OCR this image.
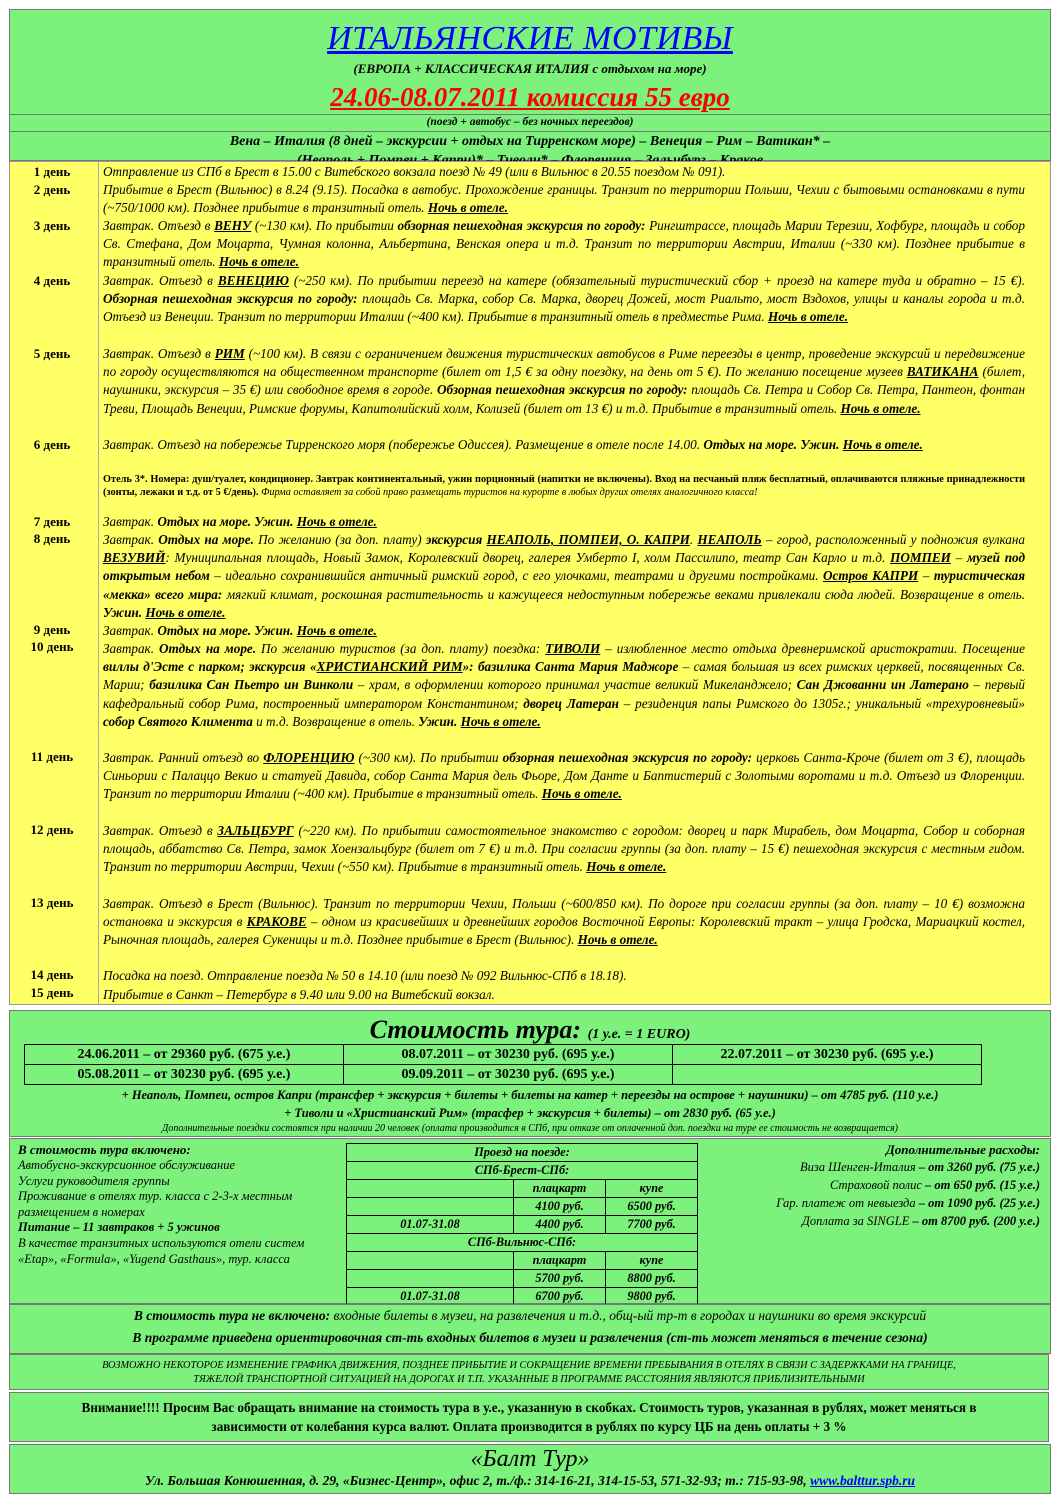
ИТАЛЬЯНСКИЕ МОТИВЫ
(ЕВРОПА + КЛАССИЧЕСКАЯ ИТАЛИЯ с отдыхом на море)
24.06-08.07.2011 комиссия 55 евро
(поезд + автобус – без ночных переездов)
Вена – Италия (8 дней – экскурсии + отдых на Тирренском море) – Венеция – Рим – Ватикан* –
1 день	Отправление из СПб в Брест в 15.00 с Витебского вокзала поезд № 49 (или в Вильнюс в 20.55 поездом № 091).
2 день	Прибытие в Брест (Вильнюс) в 8.24 (9.15). Посадка в автобус. Прохождение границы. Транзит по территории Польши, Чехии с бытовыми остановками в пути (~750/1000 км). Позднее прибытие в транзитный отель. Ночь в отеле.
3 день	Завтрак. Отъезд в ВЕНУ (~130 км). По прибытии обзорная пешеходная экскурсия по городу: Рингштрассе, площадь Марии Терезии, Хофбург, площадь и собор Св. Стефана, Дом Моцарта, Чумная колонна, Альбертина, Венская опера и т.д. Транзит по территории Австрии, Италии (~330 км). Позднее прибытие в транзитный отель. Ночь в отеле.
4 день	Завтрак. Отъезд в ВЕНЕЦИЮ (~250 км). По прибытии переезд на катере (обязательный туристический сбор + проезд на катере туда и обратно – 15 €). Обзорная пешеходная экскурсия по городу: площадь Св. Марка, собор Св. Марка, дворец Дожей, мост Риальто, мост Вздохов, улицы и каналы города и т.д. Отъезд из Венеции. Транзит по территории Италии (~400 км). Прибытие в транзитный отель в предместье Рима. Ночь в отеле.
5 день	Завтрак. Отъезд в РИМ (~100 км). В связи с ограничением движения туристических автобусов в Риме переезды в центр, проведение экскурсий и передвижение по городу осуществляются на общественном транспорте (билет от 1,5 € за одну поездку, на день от 5 €). По желанию посещение музеев ВАТИКАНА (билет, наушники, экскурсия – 35 €) или свободное время в городе. Обзорная пешеходная экскурсия по городу: площадь Св. Петра и Собор Св. Петра, Пантеон, фонтан Треви, Площадь Венеции, Римские форумы, Капитолийский холм, Колизей (билет от 13 €) и т.д. Прибытие в транзитный отель. Ночь в отеле.
6 день	Завтрак. Отъезд на побережье Тирренского моря (побережье Одиссея). Размещение в отеле после 14.00. Отдых на море. Ужин. Ночь в отеле.
Отель 3*. Номера: душ/туалет, кондиционер. Завтрак континентальный, ужин порционный (напитки не включены). Вход на песчаный пляж бесплатный, оплачиваются пляжные принадлежности (зонты, лежаки и т.д. от 5 €/день). Фирма оставляет за собой право размещать туристов на курорте в любых других отелях аналогичного класса!
7 день	Завтрак. Отдых на море. Ужин. Ночь в отеле.
8 день	Завтрак. Отдых на море. По желанию (за доп. плату) экскурсия НЕАПОЛЬ, ПОМПЕИ, О. КАПРИ. НЕАПОЛЬ – город, расположенный у подножия вулкана ВЕЗУВИЙ: Муниципальная площадь, Новый Замок, Королевский дворец, галерея Умберто I, холм Пассилипо, театр Сан Карло и т.д. ПОМПЕИ – музей под открытым небом – идеально сохранившийся античный римский город, с его улочками, театрами и другими постройками. Остров КАПРИ – туристическая «мекка» всего мира: мягкий климат, роскошная растительность и кажущееся недоступным побережье веками привлекали сюда людей. Возвращение в отель. Ужин. Ночь в отеле.
9 день	Завтрак. Отдых на море. Ужин. Ночь в отеле.
10 день	Завтрак. Отдых на море. По желанию туристов (за доп. плату) поездка: ТИВОЛИ – излюбленное место отдыха древнеримской аристократии. Посещение виллы д'Эсте с парком; экскурсия «ХРИСТИАНСКИЙ РИМ»: базилика Санта Мария Маджоре – самая большая из всех римских церквей, посвященных Св. Марии; базилика Сан Пьетро ин Винколи – храм, в оформлении которого принимал участие великий Микеланджело; Сан Джованни ин Латерано – первый кафедральный собор Рима, построенный императором Константином; дворец Латеран – резиденция папы Римского до 1305г.; уникальный «трехуровневый» собор Святого Климента и т.д. Возвращение в отель. Ужин. Ночь в отеле.
11 день	Завтрак. Ранний отъезд во ФЛОРЕНЦИЮ (~300 км). По прибытии обзорная пешеходная экскурсия по городу: церковь Санта-Кроче (билет от 3 €), площадь Синьории с Палаццо Векио и статуей Давида, собор Санта Мария дель Фьоре, Дом Данте и Баптистерий с Золотыми воротами и т.д. Отъезд из Флоренции. Транзит по территории Италии (~400 км). Прибытие в транзитный отель. Ночь в отеле.
12 день	Завтрак. Отъезд в ЗАЛЬЦБУРГ (~220 км). По прибытии самостоятельное знакомство с городом: дворец и парк Мирабель, дом Моцарта, Собор и соборная площадь, аббатство Св. Петра, замок Хоензальцбург (билет от 7 €) и т.д. При согласии группы (за доп. плату – 15 €) пешеходная экскурсия с местным гидом. Транзит по территории Австрии, Чехии (~550 км). Прибытие в транзитный отель. Ночь в отеле.
13 день	Завтрак. Отъезд в Брест (Вильнюс). Транзит по территории Чехии, Польши (~600/850 км). По дороге при согласии группы (за доп. плату – 10 €) возможна остановка и экскурсия в КРАКОВЕ – одном из красивейших и древнейших городов Восточной Европы: Королевский тракт – улица Гродска, Мариацкий костел, Рыночная площадь, галерея Сукеницы и т.д. Позднее прибытие в Брест (Вильнюс). Ночь в отеле.
14 день	Посадка на поезд. Отправление поезда № 50 в 14.10 (или поезд № 092 Вильнюс-СПб в 18.18).
15 день	Прибытие в Санкт – Петербург в 9.40 или 9.00 на Витебский вокзал.
Стоимость тура: (1 у.е. = 1 EURO)
24.06.2011 – от 29360 руб. (675 у.е.)	08.07.2011 – от 30230 руб. (695 у.е.)	22.07.2011 – от 30230 руб. (695 у.е.)
05.08.2011 – от 30230 руб. (695 у.е.)	09.09.2011 – от 30230 руб. (695 у.е.)	
+ Неаполь, Помпеи, остров Капри (трансфер + экскурсия + билеты + билеты на катер + переезды на острове + наушники) – от 4785 руб. (110 у.е.)
+ Тиволи и «Христианский Рим» (трасфер + экскурсия + билеты) – от 2830 руб. (65 у.е.)
Дополнительные поездки состоятся при наличии 20 человек (оплата производится в СПб, при отказе от оплаченной доп. поездки на туре ее стоимость не возвращается)
В стоимость тура включено:
Автобусно-экскурсионное обслуживание
Услуги руководителя группы
Проживание в отелях тур. класса с 2-3-х местным размещением в номерах
Питание – 11 завтраков + 5 ужинов
В качестве транзитных используются отели систем «Etap», «Formula», «Yugend Gasthaus», тур. класса
Проезд на поезде:		
СПб-Брест-СПб:		
	плацкарт	купе
	4100 руб.	6500 руб.
01.07-31.08	4400 руб.	7700 руб.
СПб-Вильнюс-СПб:		
	плацкарт	купе
	5700 руб.	8800 руб.
01.07-31.08	6700 руб.	9800 руб.
Дополнительные расходы:
Виза Шенген-Италия – от 3260 руб. (75 у.е.)
Страховой полис – от 650 руб. (15 у.е.)
Гар. платеж от невыезда – от 1090 руб. (25 у.е.)
Доплата за SINGLE – от 8700 руб. (200 у.е.)
В стоимость тура не включено: входные билеты в музеи, на развлечения и т.д., общ-ый тр-т в городах и наушники во время экскурсий
В программе приведена ориентировочная ст-ть входных билетов в музеи и развлечения (ст-ть может меняться в течение сезона)
ВОЗМОЖНО НЕКОТОРОЕ ИЗМЕНЕНИЕ ГРАФИКА ДВИЖЕНИЯ, ПОЗДНЕЕ ПРИБЫТИЕ И СОКРАЩЕНИЕ ВРЕМЕНИ ПРЕБЫВАНИЯ В ОТЕЛЯХ В СВЯЗИ С ЗАДЕРЖКАМИ НА ГРАНИЦЕ,
ТЯЖЕЛОЙ ТРАНСПОРТНОЙ СИТУАЦИЕЙ НА ДОРОГАХ И Т.П. УКАЗАННЫЕ В ПРОГРАММЕ РАССТОЯНИЯ ЯВЛЯЮТСЯ ПРИБЛИЗИТЕЛЬНЫМИ
Внимание!!!! Просим Вас обращать внимание на стоимость тура в у.е., указанную в скобках. Стоимость туров, указанная в рублях, может меняться в
зависимости от колебания курса валют. Оплата производится в рублях по курсу ЦБ на день оплаты + 3 %
«Балт Тур»
Ул. Большая Конюшенная, д. 29, «Бизнес-Центр», офис 2, т./ф.: 314-16-21, 314-15-53, 571-32-93; т.: 715-93-98, www.balttur.spb.ru
